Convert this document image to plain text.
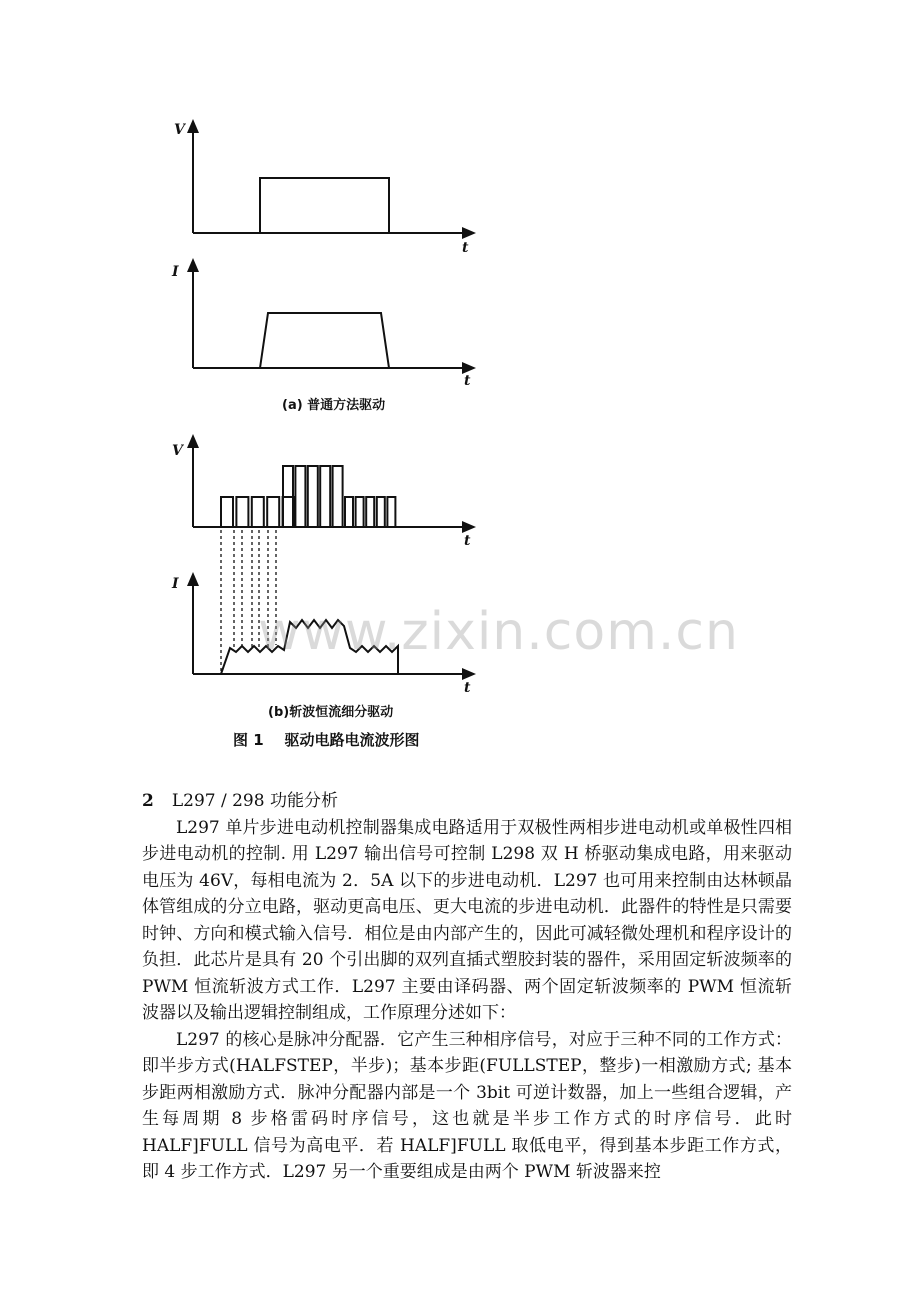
V
t
I
t
(a) 普通方法驱动
V
t
I
t
(b)斩波恒流细分驱动
图 1    驱动电路电流波形图
www.zixin.com.cn

2 L297 / 298 功能分析

L297 单片步进电动机控制器集成电路适用于双极性两相步进电动机或单极性四相步进电动机的控制. 用 L297 输出信号可控制 L298 双 H 桥驱动集成电路，用来驱动电压为 46V，每相电流为 2．5A 以下的步进电动机．L297 也可用来控制由达林顿晶体管组成的分立电路，驱动更高电压、更大电流的步进电动机．此器件的特性是只需要时钟、方向和模式输入信号．相位是由内部产生的，因此可减轻微处理机和程序设计的负担．此芯片是具有 20 个引出脚的双列直插式塑胶封装的器件，采用固定斩波频率的 PWM 恒流斩波方式工作．L297 主要由译码器、两个固定斩波频率的 PWM 恒流斩波器以及输出逻辑控制组成，工作原理分述如下：

L297 的核心是脉冲分配器．它产生三种相序信号，对应于三种不同的工作方式：即半步方式(HALFSTEP，半步)；基本步距(FULLSTEP，整步)一相激励方式; 基本步距两相激励方式．脉冲分配器内部是一个 3bit 可逆计数器，加上一些组合逻辑，产生每周期 8 步格雷码时序信号，这也就是半步工作方式的时序信号．此时 HALF]FULL 信号为高电平．若 HALF]FULL 取低电平，得到基本步距工作方式，即 4 步工作方式．L297 另一个重要组成是由两个 PWM 斩波器来控
